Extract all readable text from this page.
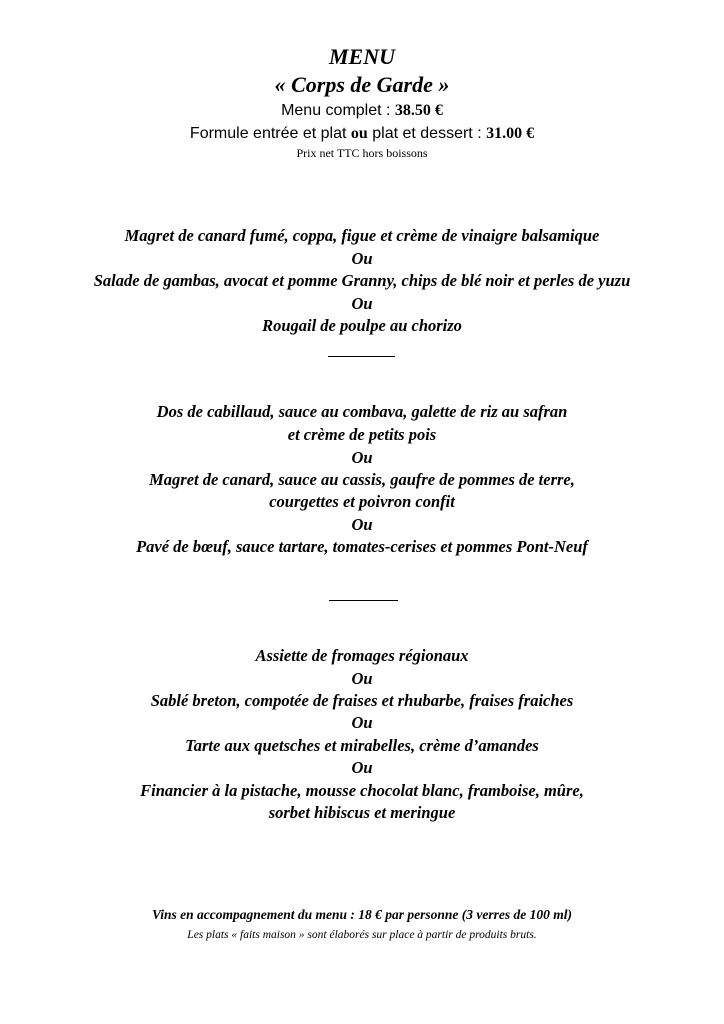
MENU
« Corps de Garde »
Menu complet : 38.50 €
Formule entrée et plat ou plat et dessert : 31.00 €
Prix net TTC hors boissons
Magret de canard fumé, coppa, figue et crème de vinaigre balsamique
Ou
Salade de gambas, avocat et pomme Granny, chips de blé noir et perles de yuzu
Ou
Rougail de poulpe au chorizo
Dos de cabillaud, sauce au combava, galette de riz au safran
et crème de petits pois
Ou
Magret de canard, sauce au cassis, gaufre de pommes de terre,
courgettes et poivron confit
Ou
Pavé de bœuf, sauce tartare, tomates-cerises et pommes Pont-Neuf
Assiette de fromages régionaux
Ou
Sablé breton, compotée de fraises et rhubarbe, fraises fraiches
Ou
Tarte aux quetsches et mirabelles, crème d’amandes
Ou
Financier à la pistache, mousse chocolat blanc, framboise, mûre,
sorbet hibiscus et meringue
Vins en accompagnement du menu : 18 € par personne (3 verres de 100 ml)
Les plats « faits maison » sont élaborés sur place à partir de produits bruts.
